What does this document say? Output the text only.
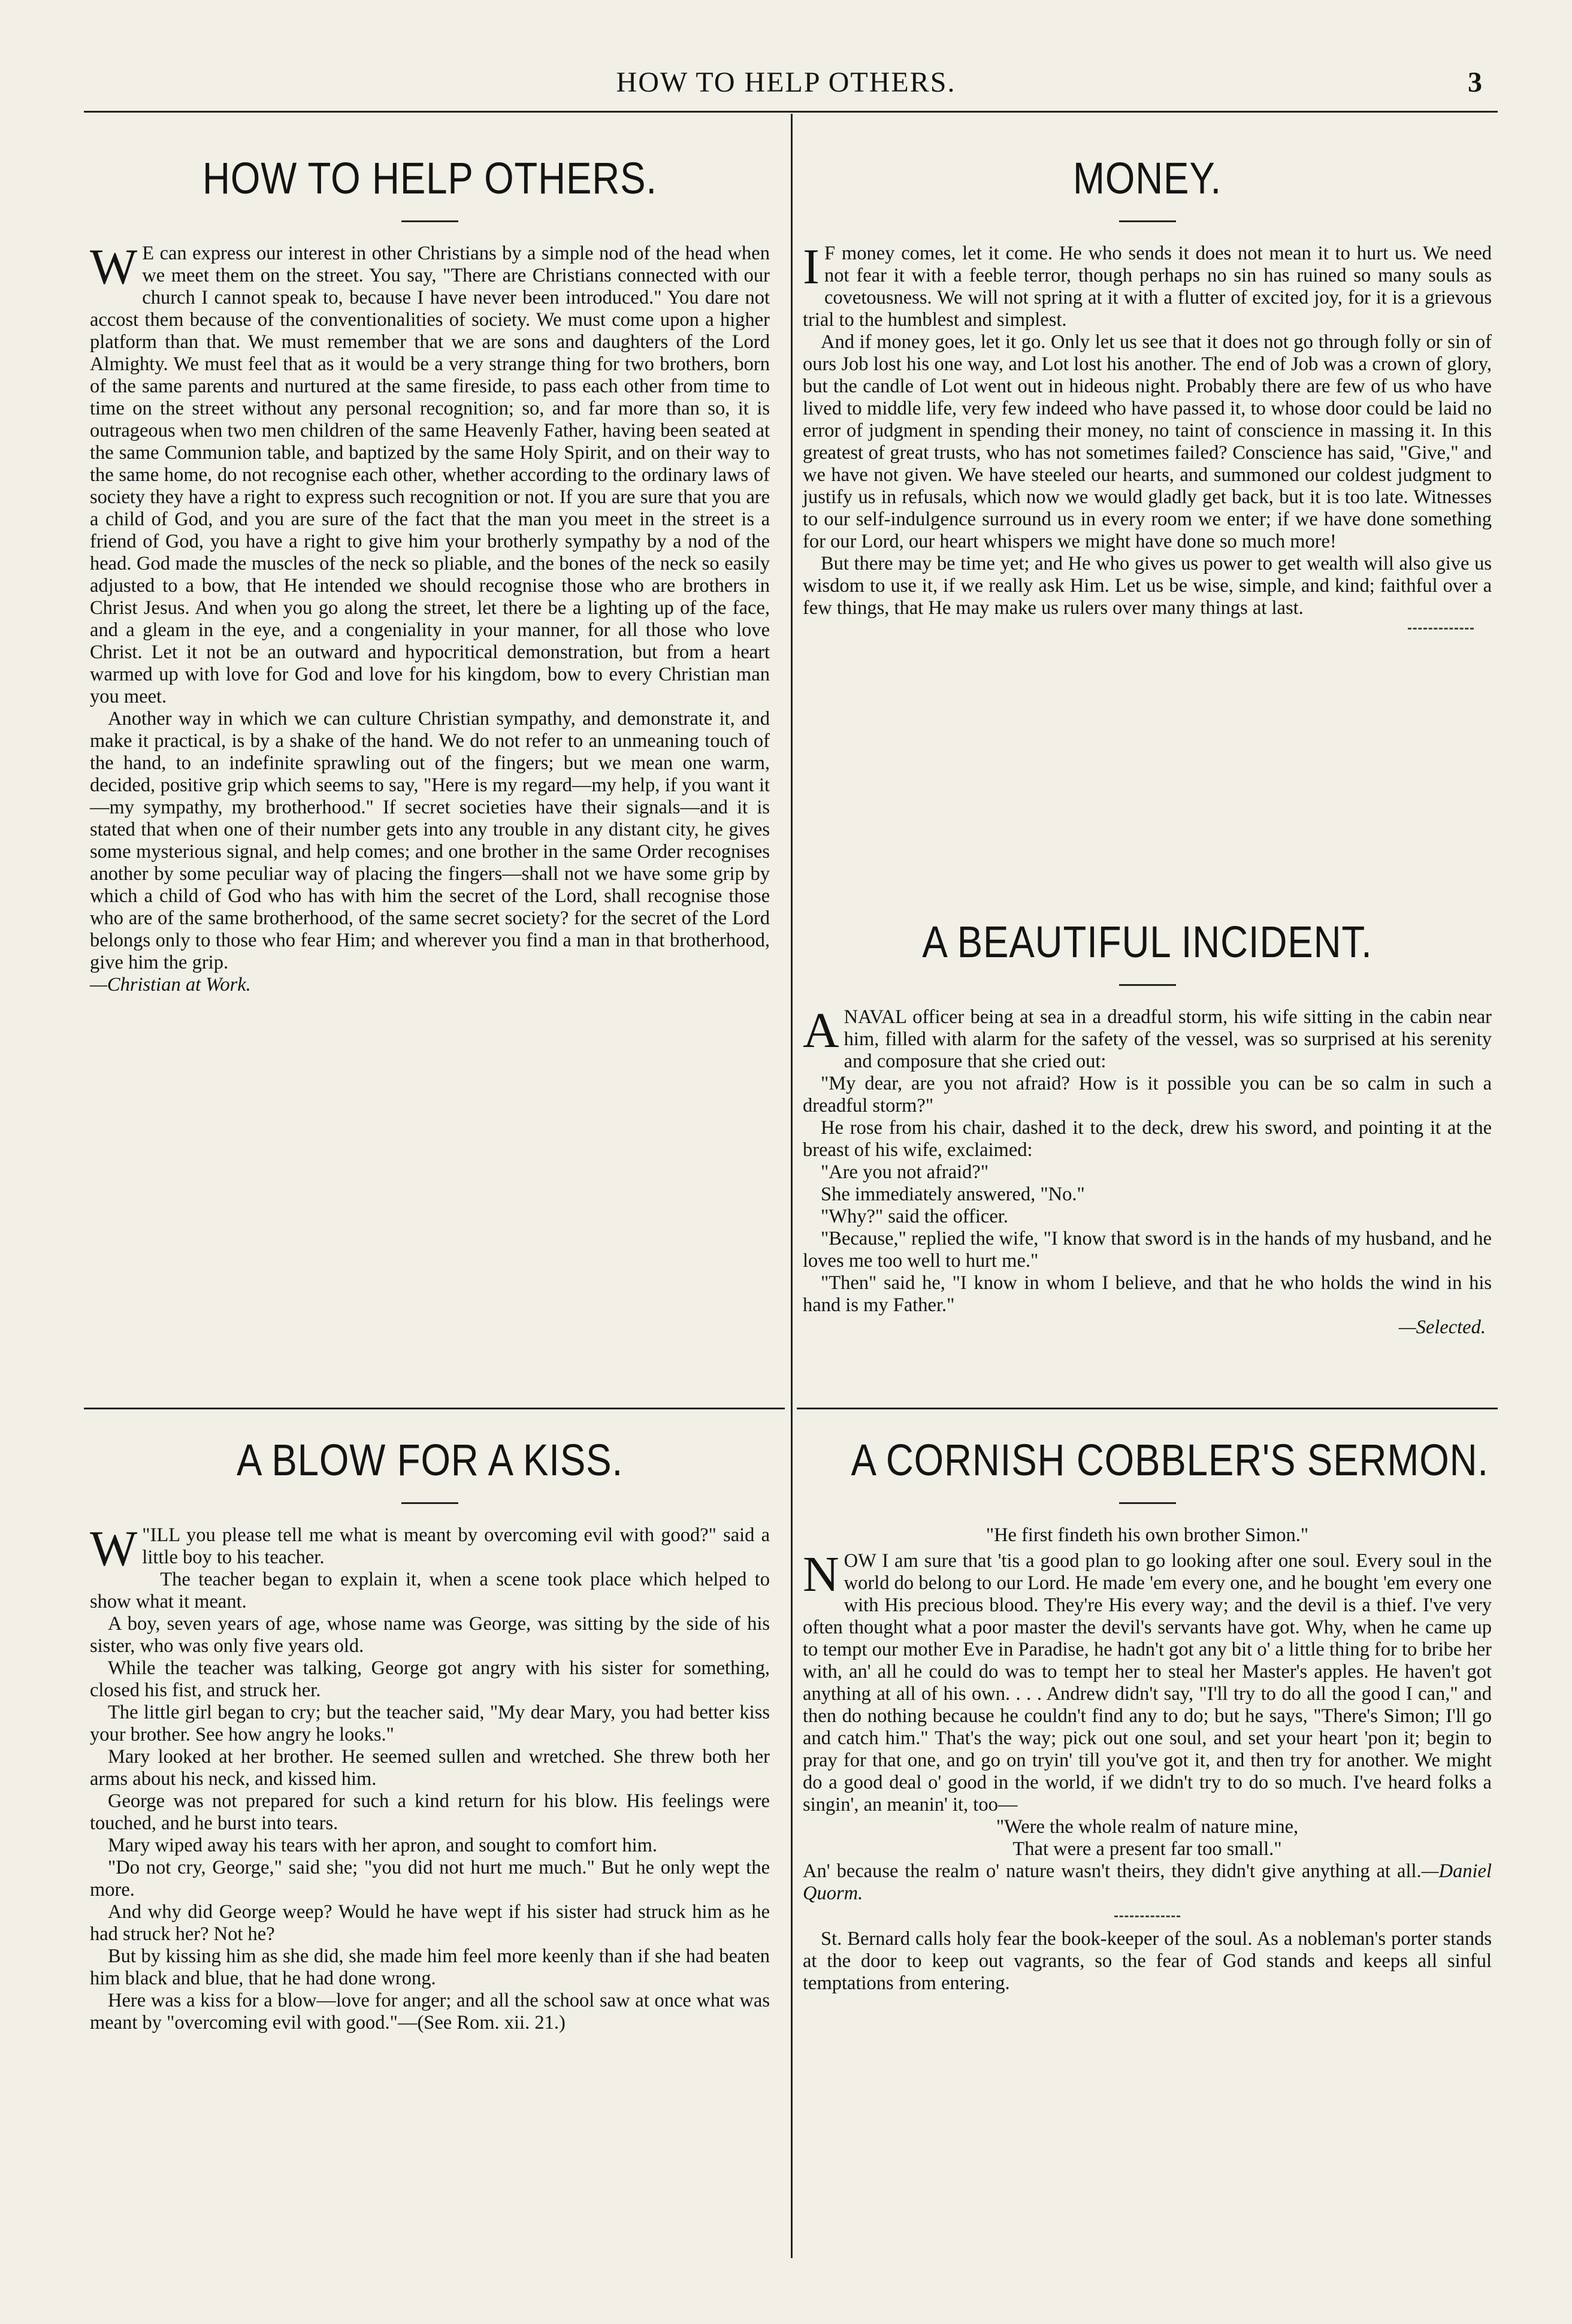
HOW TO HELP OTHERS.	3
HOW TO HELP OTHERS.

W E can express our interest in other Christians by a simple nod of the head when we meet them on the street. You say, "There are Christians connected with our church I cannot speak to, because I have never been introduced." You dare not accost them because of the conventionalities of society. We must come upon a higher platform than that. We must remember that we are sons and daughters of the Lord Almighty. We must feel that as it would be a very strange thing for two brothers, born of the same parents and nurtured at the same fireside, to pass each other from time to time on the street without any personal recognition; so, and far more than so, it is outrageous when two men children of the same Heavenly Father, having been seated at the same Communion table, and baptized by the same Holy Spirit, and on their way to the same home, do not recognise each other, whether according to the ordinary laws of society they have a right to express such recognition or not. If you are sure that you are a child of God, and you are sure of the fact that the man you meet in the street is a friend of God, you have a right to give him your brotherly sympathy by a nod of the head. God made the muscles of the neck so pliable, and the bones of the neck so easily adjusted to a bow, that He intended we should recognise those who are brothers in Christ Jesus. And when you go along the street, let there be a lighting up of the face, and a gleam in the eye, and a congeniality in your manner, for all those who love Christ. Let it not be an outward and hypocritical demonstration, but from a heart warmed up with love for God and love for his kingdom, bow to every Christian man you meet.

Another way in which we can culture Christian sympathy, and demonstrate it, and make it practical, is by a shake of the hand. We do not refer to an unmeaning touch of the hand, to an indefinite sprawling out of the fingers; but we mean one warm, decided, positive grip which seems to say, "Here is my regard—my help, if you want it—my sympathy, my brotherhood." If secret societies have their signals—and it is stated that when one of their number gets into any trouble in any distant city, he gives some mysterious signal, and help comes; and one brother in the same Order recognises another by some peculiar way of placing the fingers—shall not we have some grip by which a child of God who has with him the secret of the Lord, shall recognise those who are of the same brotherhood, of the same secret society? for the secret of the Lord belongs only to those who fear Him; and wherever you find a man in that brotherhood, give him the grip.

—Christian at Work.
A BLOW FOR A KISS.

"
W ILL you please tell me what is meant by overcoming evil with good?" said a little boy to his teacher.

The teacher began to explain it, when a scene took place which helped to show what it meant.

A boy, seven years of age, whose name was George, was sitting by the side of his sister, who was only five years old.

While the teacher was talking, George got angry with his sister for something, closed his fist, and struck her.

The little girl began to cry; but the teacher said, "My dear Mary, you had better kiss your brother. See how angry he looks."

Mary looked at her brother. He seemed sullen and wretched. She threw both her arms about his neck, and kissed him.

George was not prepared for such a kind return for his blow. His feelings were touched, and he burst into tears.

Mary wiped away his tears with her apron, and sought to comfort him.

"Do not cry, George," said she; "you did not hurt me much." But he only wept the more.

And why did George weep? Would he have wept if his sister had struck him as he had struck her? Not he?

But by kissing him as she did, she made him feel more keenly than if she had beaten him black and blue, that he had done wrong.

Here was a kiss for a blow—love for anger; and all the school saw at once what was meant by "overcoming evil with good."—(See Rom. xii. 21.)

MONEY.

I F money comes, let it come. He who sends it does not mean it to hurt us. We need not fear it with a feeble terror, though perhaps no sin has ruined so many souls as covetousness. We will not spring at it with a flutter of excited joy, for it is a grievous trial to the humblest and simplest.

And if money goes, let it go. Only let us see that it does not go through folly or sin of ours Job lost his one way, and Lot lost his another. The end of Job was a crown of glory, but the candle of Lot went out in hideous night. Probably there are few of us who have lived to middle life, very few indeed who have passed it, to whose door could be laid no error of judgment in spending their money, no taint of conscience in massing it. In this greatest of great trusts, who has not sometimes failed? Conscience has said, "Give," and we have not given. We have steeled our hearts, and summoned our coldest judgment to justify us in refusals, which now we would gladly get back, but it is too late. Witnesses to our self-indulgence surround us in every room we enter; if we have done something for our Lord, our heart whispers we might have done so much more!

But there may be time yet; and He who gives us power to get wealth will also give us wisdom to use it, if we really ask Him. Let us be wise, simple, and kind; faithful over a few things, that He may make us rulers over many things at last.

A BEAUTIFUL INCIDENT.

ANAVAL officer being at sea in a dreadful storm, his wife sitting in the cabin near him, filled with alarm for the safety of the vessel, was so surprised at his serenity and composure that she cried out:

"My dear, are you not afraid? How is it possible you can be so calm in such a dreadful storm?"

He rose from his chair, dashed it to the deck, drew his sword, and pointing it at the breast of his wife, exclaimed:

"Are you not afraid?"

She immediately answered, "No."

"Why?" said the officer.

"Because," replied the wife, "I know that sword is in the hands of my husband, and he loves me too well to hurt me."

"Then" said he, "I know in whom I believe, and that he who holds the wind in his hand is my Father."

—Selected.
A CORNISH COBBLER'S SERMON.
"He first findeth his own brother Simon."

NOW I am sure that 'tis a good plan to go looking after one soul. Every soul in the world do belong to our Lord. He made 'em every one, and he bought 'em every one with His precious blood. They're His every way; and the devil is a thief. I've very often thought what a poor master the devil's servants have got. Why, when he came up to tempt our mother Eve in Paradise, he hadn't got any bit o' a little thing for to bribe her with, an' all he could do was to tempt her to steal her Master's apples. He haven't got anything at all of his own. . . . Andrew didn't say, "I'll try to do all the good I can," and then do nothing because he couldn't find any to do; but he says, "There's Simon; I'll go and catch him." That's the way; pick out one soul, and set your heart 'pon it; begin to pray for that one, and go on tryin' till you've got it, and then try for another. We might do a good deal o' good in the world, if we didn't try to do so much. I've heard folks a singin', an meanin' it, too—

"Were the whole realm of nature mine,
That were a present far too small."

An' because the realm o' nature wasn't theirs, they didn't give anything at all.—Daniel Quorm.

St. Bernard calls holy fear the book-keeper of the soul. As a nobleman's porter stands at the door to keep out vagrants, so the fear of God stands and keeps all sinful temptations from entering.
